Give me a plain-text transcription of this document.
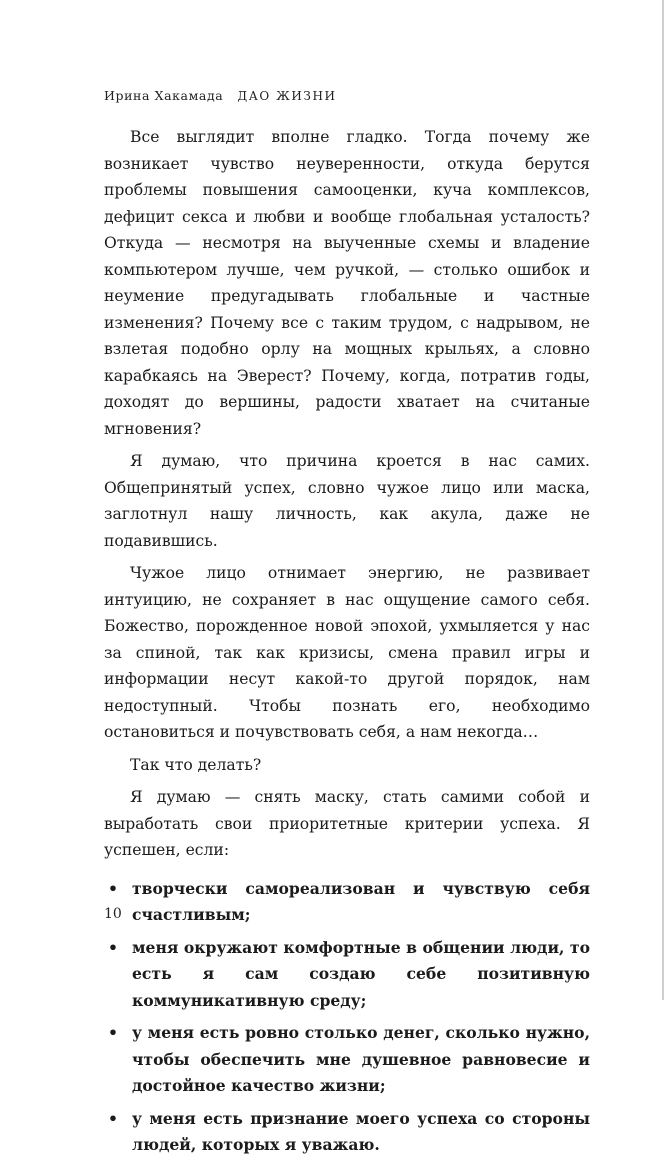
Ирина Хакамада ДАО ЖИЗНИ

Все выглядит вполне гладко. Тогда почему же возникает чувство неуверенности, откуда берутся проблемы повышения самооценки, куча комплексов, дефицит секса и любви и вообще глобальная усталость? Откуда — несмотря на выученные схемы и владение компьютером лучше, чем ручкой, — столько ошибок и неумение предугадывать глобальные и частные изменения? Почему все с таким трудом, с надрывом, не взлетая подобно орлу на мощных крыльях, а словно карабкаясь на Эверест? Почему, когда, потратив годы, доходят до вершины, радости хватает на считаные мгновения?

Я думаю, что причина кроется в нас самих. Общепринятый успех, словно чужое лицо или маска, заглотнул нашу личность, как акула, даже не подавившись.

Чужое лицо отнимает энергию, не развивает интуицию, не сохраняет в нас ощущение самого себя. Божество, порожденное новой эпохой, ухмыляется у нас за спиной, так как кризисы, смена правил игры и информации несут какой-то другой порядок, нам недоступный. Чтобы познать его, необходимо остановиться и почувствовать себя, а нам некогда…

Так что делать?

Я думаю — снять маску, стать самими собой и выработать свои приоритетные критерии успеха. Я успешен, если:

• творчески самореализован и чувствую себя счастливым;
• меня окружают комфортные в общении люди, то есть я сам создаю себе позитивную коммуникативную среду;
• у меня есть ровно столько денег, сколько нужно, чтобы обеспечить мне душевное равновесие и достойное качество жизни;
• у меня есть признание моего успеха со стороны людей, которых я уважаю.
10
